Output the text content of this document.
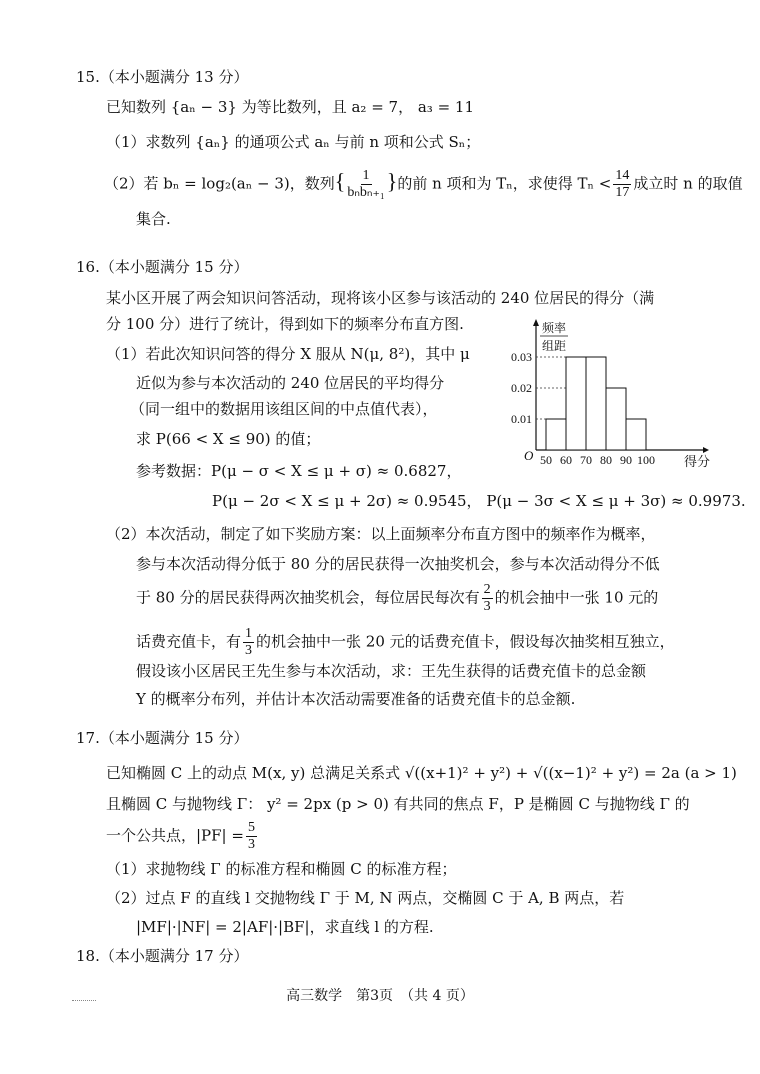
15.（本小题满分 13 分）
已知数列 {aₙ − 3} 为等比数列，且 a₂ = 7， a₃ = 11
（1）求数列 {aₙ} 的通项公式 aₙ 与前 n 项和公式 Sₙ；
（2）若 bₙ = log₂(aₙ − 3)，数列{ $\frac{1}{\text{bₙbₙ₊₁}}$ }的前 n 项和为 Tₙ，求使得 $T_n < \frac{14}{17}$ 成立时 n 的取值
集合.
16.（本小题满分 15 分）
某小区开展了两会知识问答活动，现将该小区参与该活动的 240 位居民的得分（满
分 100 分）进行了统计，得到如下的频率分布直方图.
（1）若此次知识问答的得分 X 服从 N(μ, 8²)，其中 μ
近似为参与本次活动的 240 位居民的平均得分
（同一组中的数据用该组区间的中点值代表），
求 P(66 < X ≤ 90) 的值；
参考数据：P(μ − σ < X ≤ μ + σ) ≈ 0.6827，
P(μ − 2σ < X ≤ μ + 2σ) ≈ 0.9545， P(μ − 3σ < X ≤ μ + 3σ) ≈ 0.9973.
（2）本次活动，制定了如下奖励方案：以上面频率分布直方图中的频率作为概率，
参与本次活动得分低于 80 分的居民获得一次抽奖机会，参与本次活动得分不低
于 80 分的居民获得两次抽奖机会，每位居民每次有 $\frac{2}{3}$ 的机会抽中一张 10 元的
话费充值卡，有 $\frac{1}{3}$ 的机会抽中一张 20 元的话费充值卡，假设每次抽奖相互独立，
假设该小区居民王先生参与本次活动，求：王先生获得的话费充值卡的总金额
Y 的概率分布列，并估计本次活动需要准备的话费充值卡的总金额.
0.01
0.02
0.03
50 60 70 80 90 100
O
频率
组距
得分
17.（本小题满分 15 分）
已知椭圆 C 上的动点 M(x, y) 总满足关系式 √((x+1)² + y²) + √((x−1)² + y²) = 2a (a > 1)
且椭圆 C 与抛物线 Γ： y² = 2px (p > 0) 有共同的焦点 F，P 是椭圆 C 与抛物线 Γ 的
一个公共点，$|PF| = \frac{5}{3}$
（1）求抛物线 Γ 的标准方程和椭圆 C 的标准方程；
（2）过点 F 的直线 l 交抛物线 Γ 于 M, N 两点，交椭圆 C 于 A, B 两点，若
|MF|·|NF| = 2|AF|·|BF|，求直线 l 的方程.
18.（本小题满分 17 分）
高三数学　第3页　（共 4 页）
